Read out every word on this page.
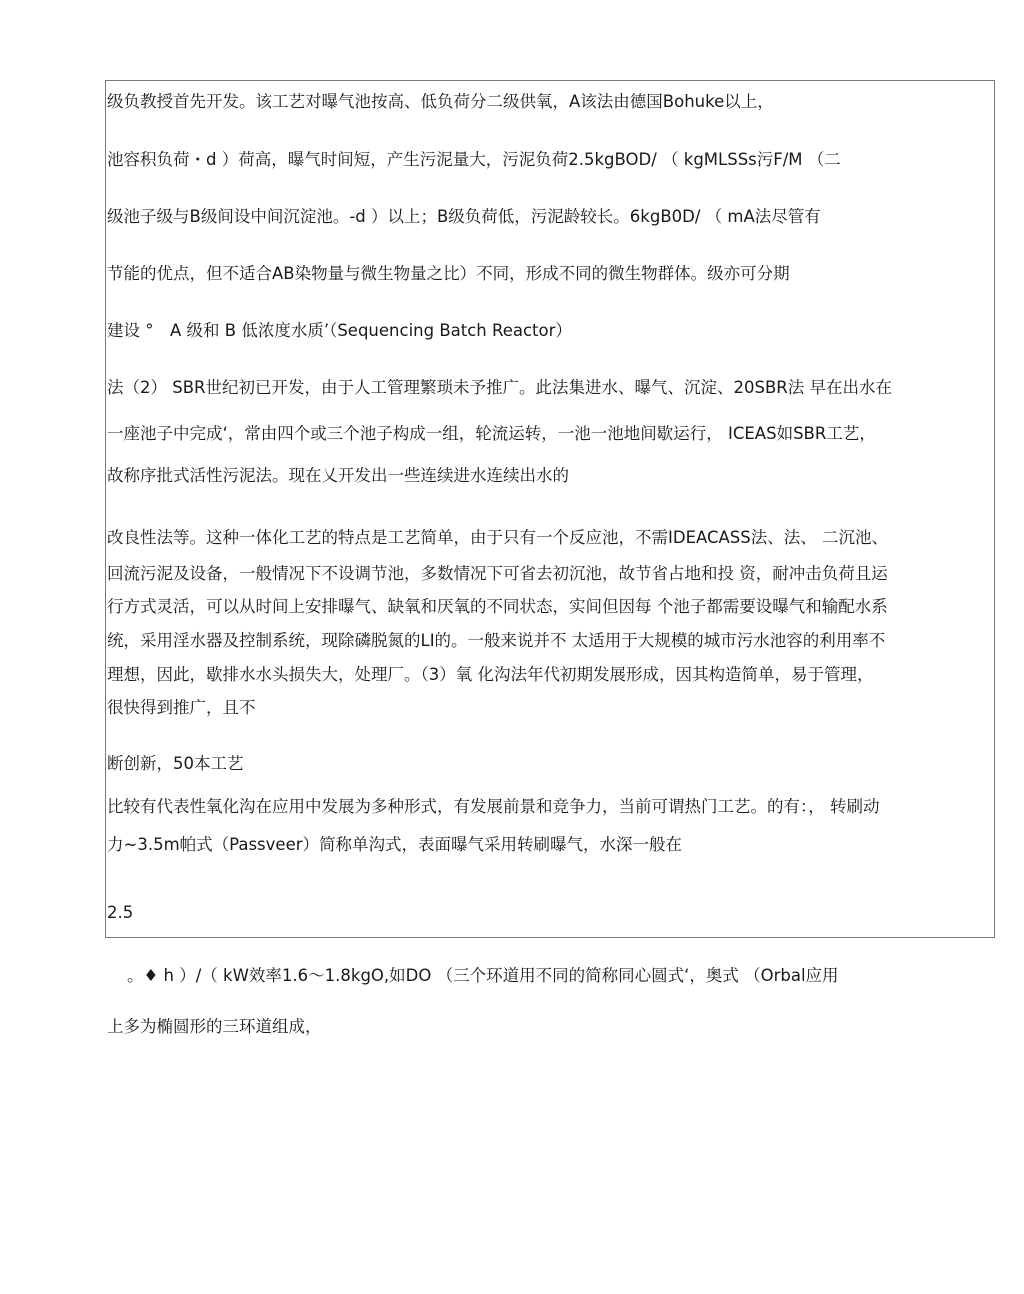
级负教授首先开发。该工艺对曝气池按高、低负荷分二级供氧，A该法由德国Bohuke以上，
池容积负荷・d ）荷高，曝气时间短，产生污泥量大，污泥负荷2.5kgBOD/ （ kgMLSSs污F/M （二
级池子级与B级间设中间沉淀池。-d ）以上；B级负荷低，污泥龄较长。6kgB0D/ （ mA法尽管有
节能的优点，但不适合AB染物量与微生物量之比）不同，形成不同的微生物群体。级亦可分期
建设 °　A 级和 B 低浓度水质’（Sequencing Batch Reactor）
法（2） SBR世纪初已开发，由于人工管理繁琐未予推广。此法集进水、曝气、沉淀、20SBR法 早在出水在
一座池子中完成‘，常由四个或三个池子构成一组，轮流运转，一池一池地间歇运行， ICEAS如SBR工艺，
故称序批式活性污泥法。现在乂开发出一些连续进水连续出水的
改良性法等。这种一体化工艺的特点是工艺简单，由于只有一个反应池，不需IDEACASS法、法、 二沉池、
回流污泥及设备，一般情况下不设调节池，多数情况下可省去初沉池，故节省占地和投 资，耐冲击负荷且运
行方式灵活，可以从时间上安排曝气、缺氧和厌氧的不同状态，实间但因每 个池子都需要设曝气和输配水系
统，采用淫水器及控制系统，现除磷脱氮的LI的。一般来说并不 太适用于大规模的城市污水池容的利用率不
理想，因此，歇排水水头损失大，处理厂。（3）氧 化沟法年代初期发展形成，因其构造简单，易于管理，
很快得到推广，且不
断创新，50本工艺
比较有代表性氧化沟在应用中发展为多种形式，有发展前景和竞争力，当前可谓热门工艺。的有：， 转刷动
力~3.5m帕式（Passveer）简称单沟式，表面曝气采用转刷曝气，水深一般在
2.5
。♦ h ）/（ kW效率1.6〜1.8kgO,如DO （三个环道用不同的简称同心圆式‘，奥式 （Orbal应用
上多为椭圆形的三环道组成，
